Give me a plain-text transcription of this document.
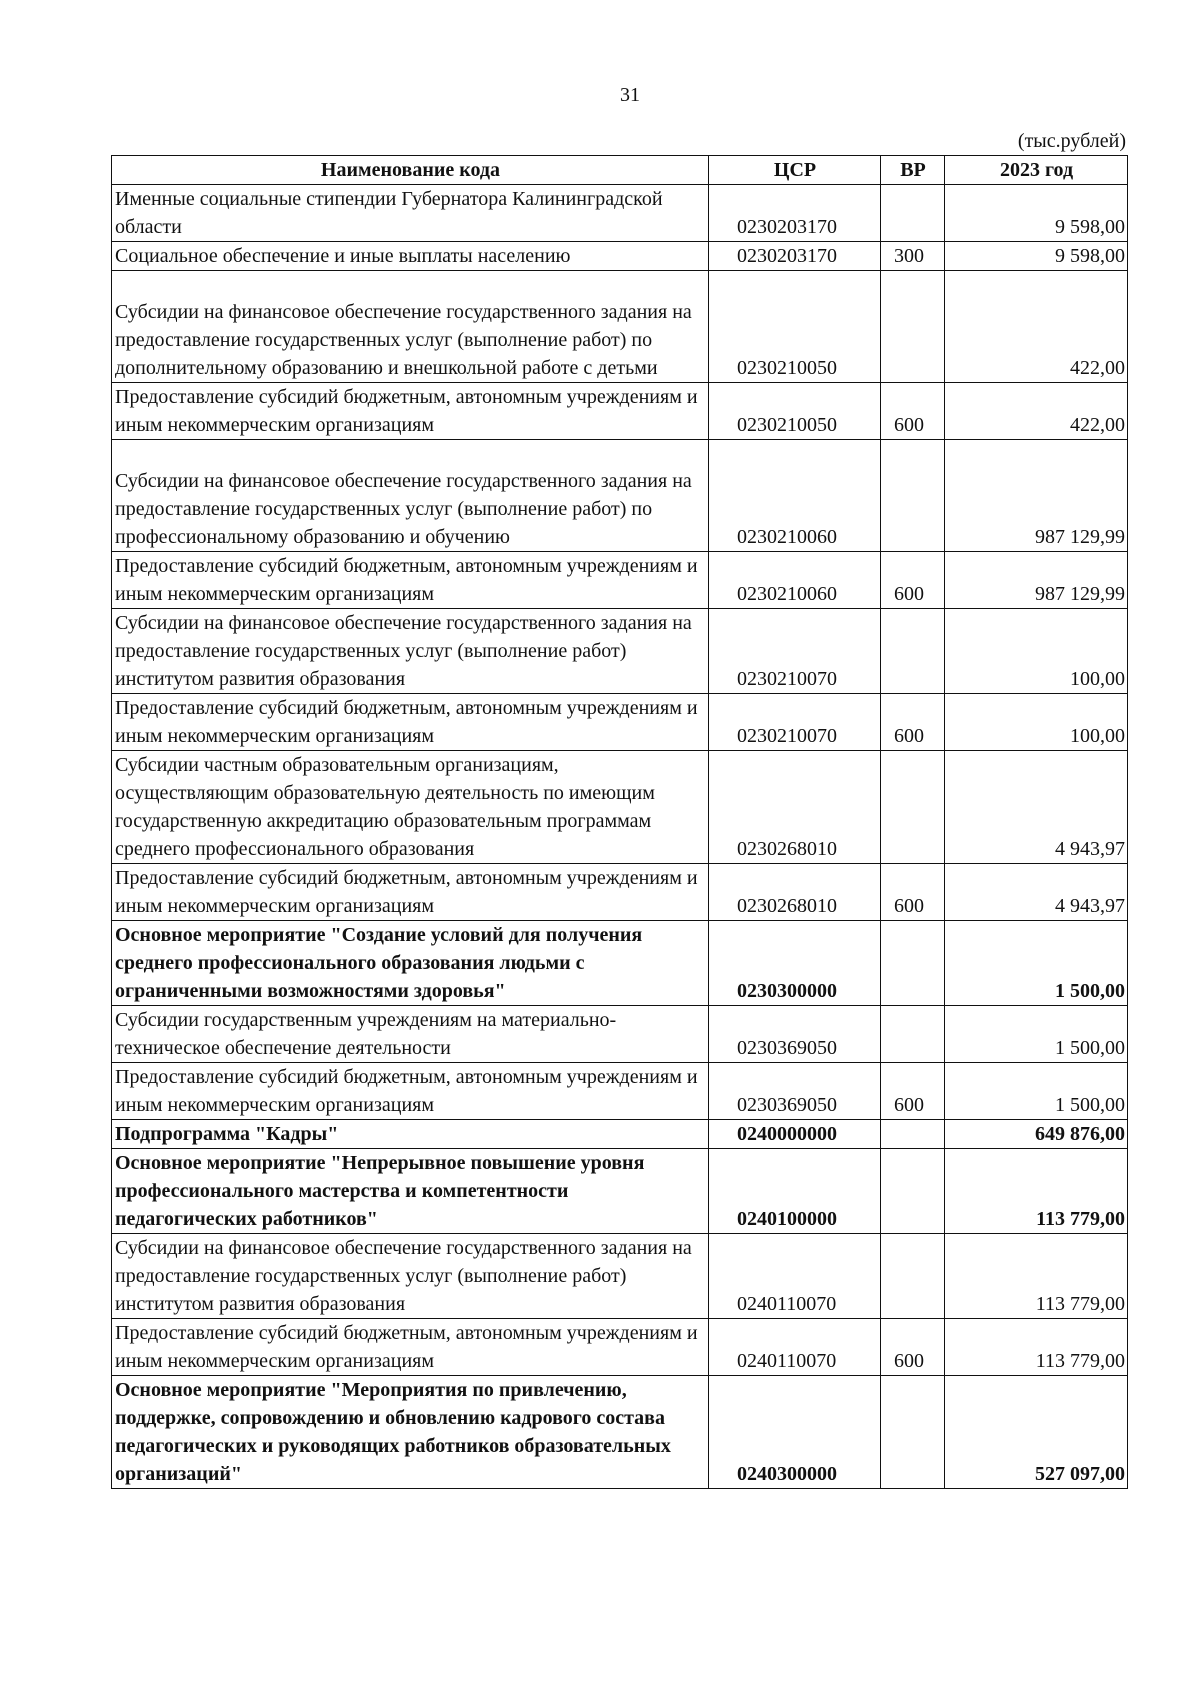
31
(тыс.рублей)
Наименование кода	ЦСР	ВР	2023 год
Именные социальные стипендии Губернатора Калининградской области	0230203170		9 598,00
Социальное обеспечение и иные выплаты населению	0230203170	300	9 598,00
Субсидии на финансовое обеспечение государственного задания на предоставление государственных услуг (выполнение работ) по дополнительному образованию и внешкольной работе с детьми	0230210050		422,00
Предоставление субсидий бюджетным, автономным учреждениям и иным некоммерческим организациям	0230210050	600	422,00
Субсидии на финансовое обеспечение государственного задания на предоставление государственных услуг (выполнение работ) по профессиональному образованию и обучению	0230210060		987 129,99
Предоставление субсидий бюджетным, автономным учреждениям и иным некоммерческим организациям	0230210060	600	987 129,99
Субсидии на финансовое обеспечение государственного задания на предоставление государственных услуг (выполнение работ) институтом развития образования	0230210070		100,00
Предоставление субсидий бюджетным, автономным учреждениям и иным некоммерческим организациям	0230210070	600	100,00
Субсидии частным образовательным организациям, осуществляющим образовательную деятельность по имеющим государственную аккредитацию образовательным программам среднего профессионального образования	0230268010		4 943,97
Предоставление субсидий бюджетным, автономным учреждениям и иным некоммерческим организациям	0230268010	600	4 943,97
Основное мероприятие "Создание условий для получения среднего профессионального образования людьми с ограниченными возможностями здоровья"	0230300000		1 500,00
Субсидии государственным учреждениям на материально-техническое обеспечение деятельности	0230369050		1 500,00
Предоставление субсидий бюджетным, автономным учреждениям и иным некоммерческим организациям	0230369050	600	1 500,00
Подпрограмма "Кадры"	0240000000		649 876,00
Основное мероприятие "Непрерывное повышение уровня профессионального мастерства и компетентности педагогических работников"	0240100000		113 779,00
Субсидии на финансовое обеспечение государственного задания на предоставление государственных услуг (выполнение работ) институтом развития образования	0240110070		113 779,00
Предоставление субсидий бюджетным, автономным учреждениям и иным некоммерческим организациям	0240110070	600	113 779,00
Основное мероприятие "Мероприятия по привлечению, поддержке, сопровождению и обновлению кадрового состава педагогических и руководящих работников образовательных организаций"	0240300000		527 097,00
